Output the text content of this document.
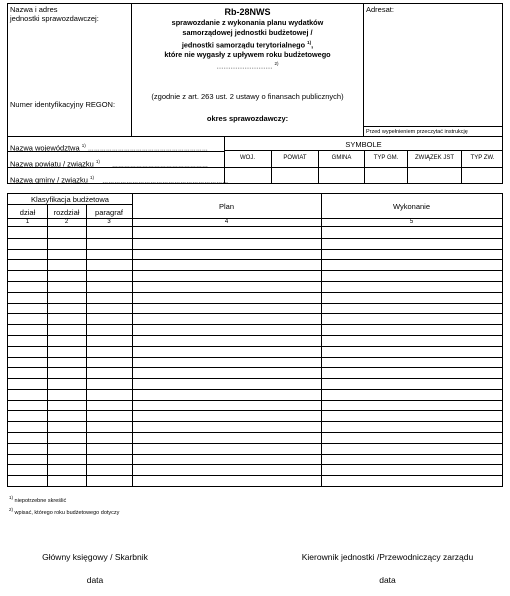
Nazwa i adres
jednostki sprawozdawczej:
Numer identyfikacyjny REGON:
Rb-28NWS
sprawozdanie z wykonania planu wydatków
samorządowej jednostki budżetowej /
jednostki samorządu terytorialnego $^{1)}$,
które nie wygasły z upływem roku budżetowego
…………………… $^{2)}$
(zgodnie z art. 263 ust. 2 ustawy o finansach publicznych)
okres sprawozdawczy:
Adresat:
Przed wypełnieniem przeczytać instrukcję
Nazwa województwa $^{1)}$ ……………………………………………………
Nazwa powiatu / związku $^{1)}$ …………………………………………
Nazwa gminy / związku $^{1)}$ ………………………………………………………
SYMBOLE
WOJ.	POWIAT	GMINA	TYP GM.	ZWIĄZEK JST	TYP ZW.
Klasyfikacja budżetowa
dział	rozdział	paragraf
Plan	Wykonanie
1	2	3	4	5
$^{1)}$ niepotrzebne skreślić
$^{2)}$ wpisać, którego roku budżetowego dotyczy
Główny księgowy / Skarbnik
data
Kierownik jednostki /Przewodniczący zarządu
data
